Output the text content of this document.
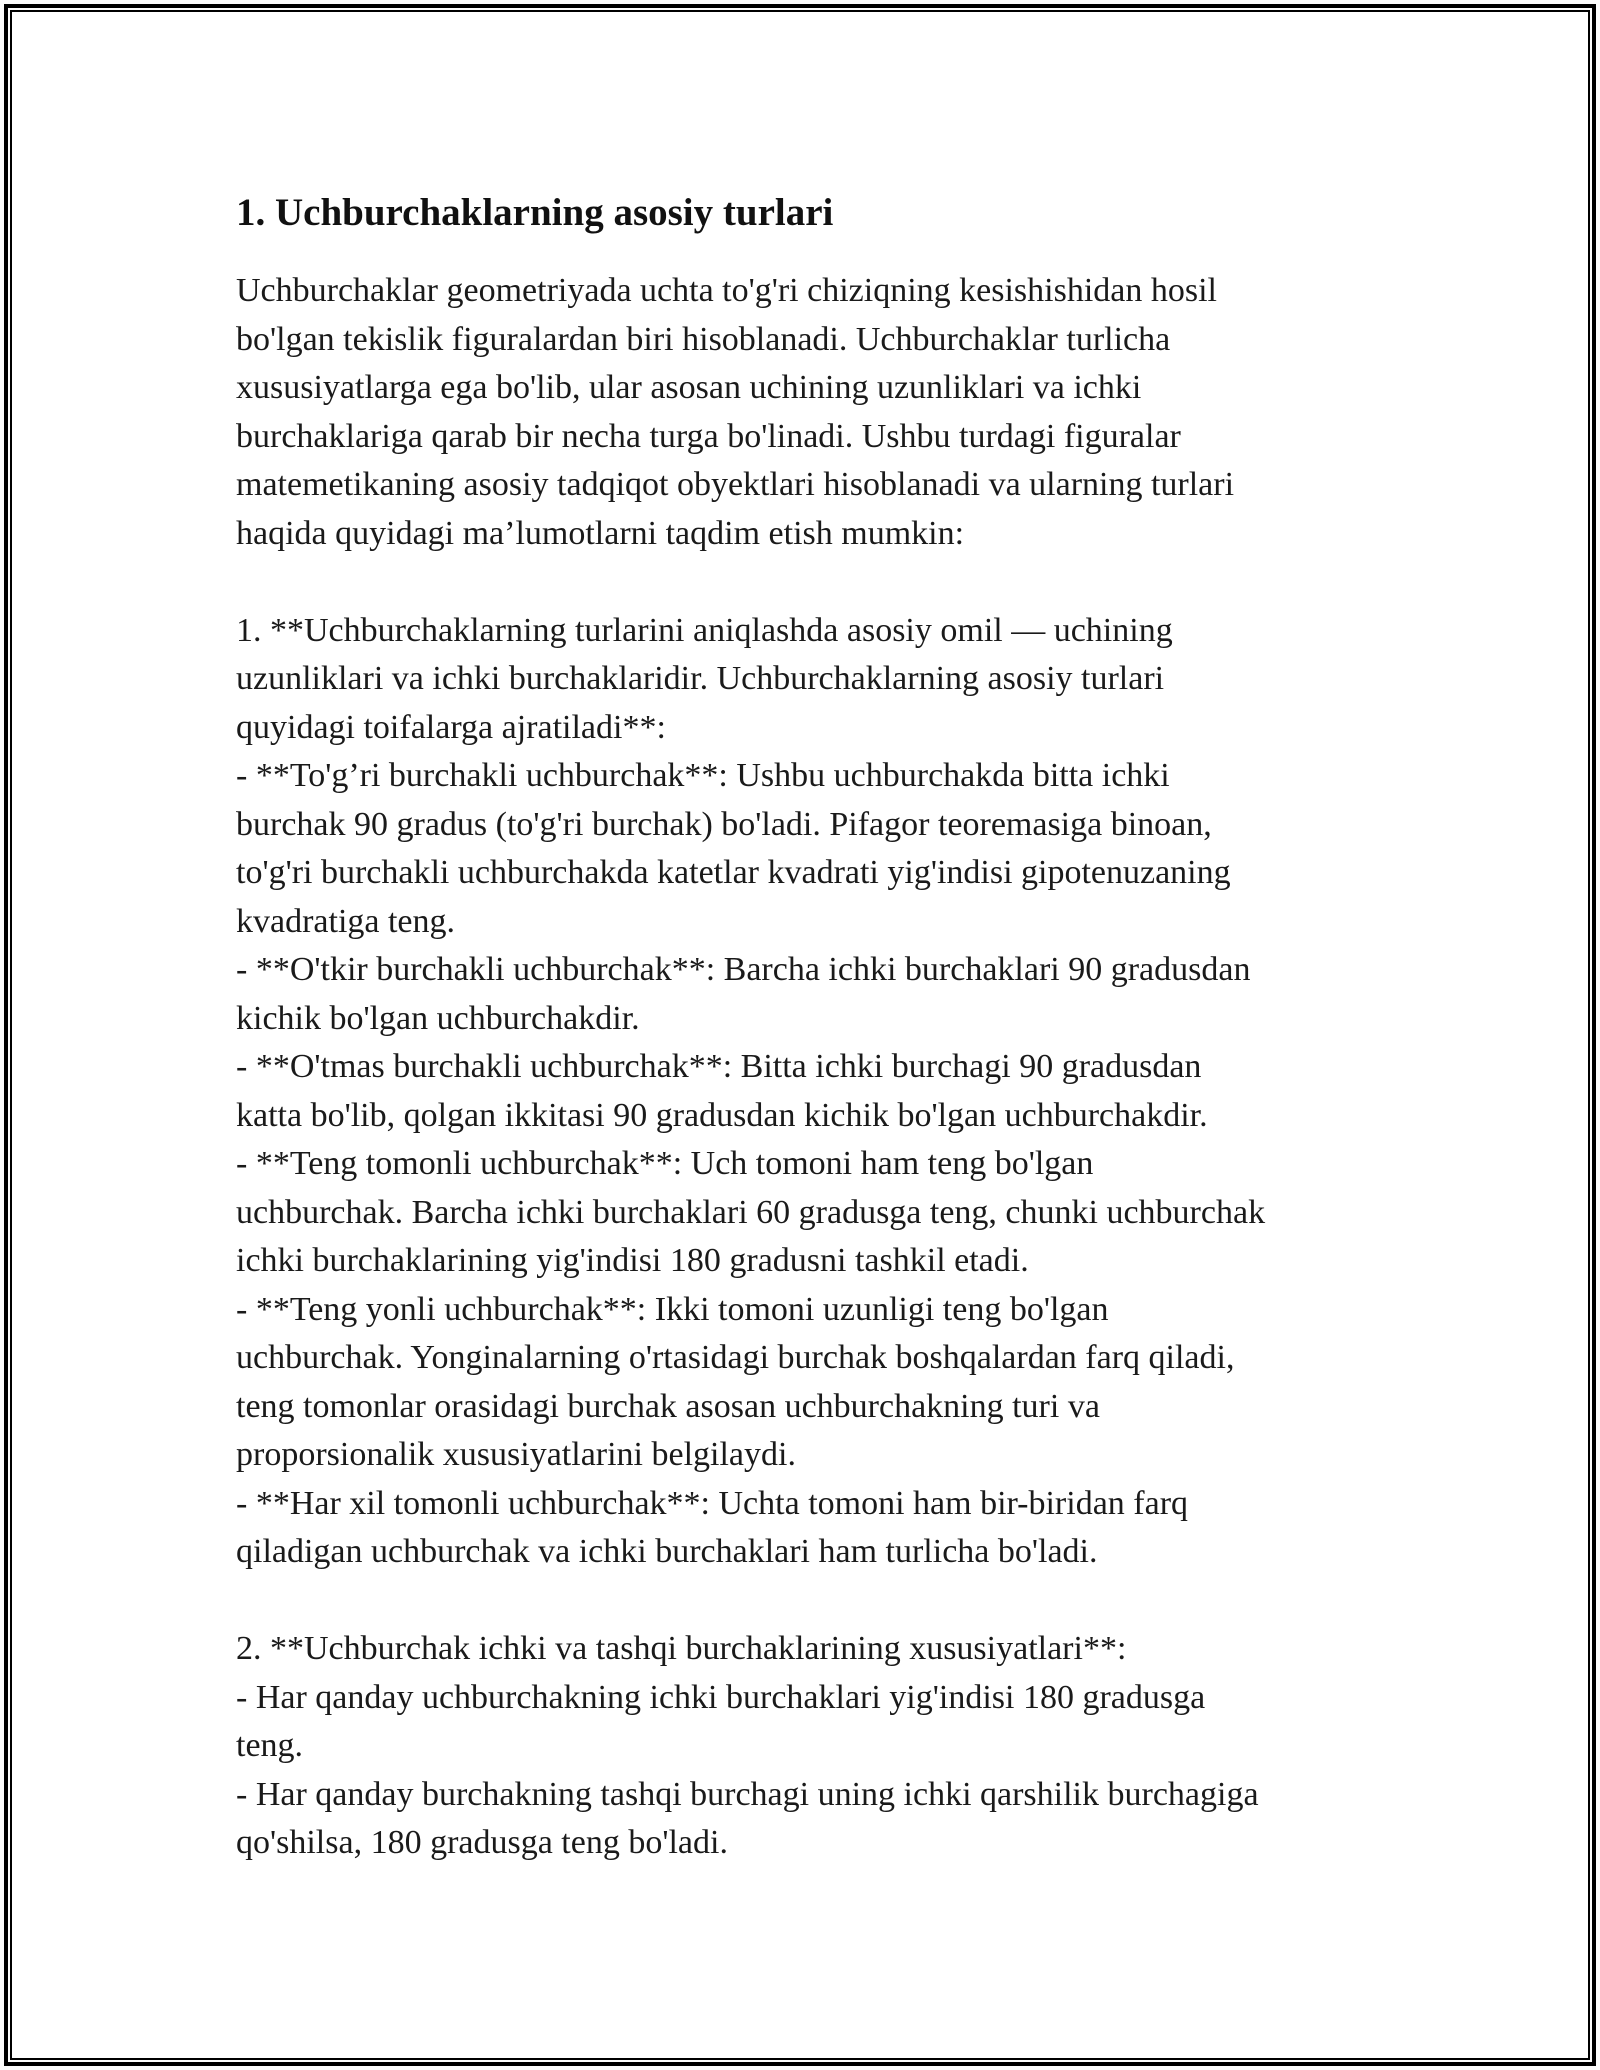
1. Uchburchaklarning asosiy turlari

Uchburchaklar geometriyada uchta to'g'ri chiziqning kesishishidan hosil
bo'lgan tekislik figuralardan biri hisoblanadi. Uchburchaklar turlicha
xususiyatlarga ega bo'lib, ular asosan uchining uzunliklari va ichki
burchaklariga qarab bir necha turga bo'linadi. Ushbu turdagi figuralar
matemetikaning asosiy tadqiqot obyektlari hisoblanadi va ularning turlari
haqida quyidagi ma’lumotlarni taqdim etish mumkin:

1. **Uchburchaklarning turlarini aniqlashda asosiy omil — uchining
uzunliklari va ichki burchaklaridir. Uchburchaklarning asosiy turlari
quyidagi toifalarga ajratiladi**:
- **To'g’ri burchakli uchburchak**: Ushbu uchburchakda bitta ichki
burchak 90 gradus (to'g'ri burchak) bo'ladi. Pifagor teoremasiga binoan,
to'g'ri burchakli uchburchakda katetlar kvadrati yig'indisi gipotenuzaning
kvadratiga teng.
- **O'tkir burchakli uchburchak**: Barcha ichki burchaklari 90 gradusdan
kichik bo'lgan uchburchakdir.
- **O'tmas burchakli uchburchak**: Bitta ichki burchagi 90 gradusdan
katta bo'lib, qolgan ikkitasi 90 gradusdan kichik bo'lgan uchburchakdir.
- **Teng tomonli uchburchak**: Uch tomoni ham teng bo'lgan
uchburchak. Barcha ichki burchaklari 60 gradusga teng, chunki uchburchak
ichki burchaklarining yig'indisi 180 gradusni tashkil etadi.
- **Teng yonli uchburchak**: Ikki tomoni uzunligi teng bo'lgan
uchburchak. Yonginalarning o'rtasidagi burchak boshqalardan farq qiladi,
teng tomonlar orasidagi burchak asosan uchburchakning turi va
proporsionalik xususiyatlarini belgilaydi.
- **Har xil tomonli uchburchak**: Uchta tomoni ham bir-biridan farq
qiladigan uchburchak va ichki burchaklari ham turlicha bo'ladi.

2. **Uchburchak ichki va tashqi burchaklarining xususiyatlari**:
- Har qanday uchburchakning ichki burchaklari yig'indisi 180 gradusga
teng.
- Har qanday burchakning tashqi burchagi uning ichki qarshilik burchagiga
qo'shilsa, 180 gradusga teng bo'ladi.
